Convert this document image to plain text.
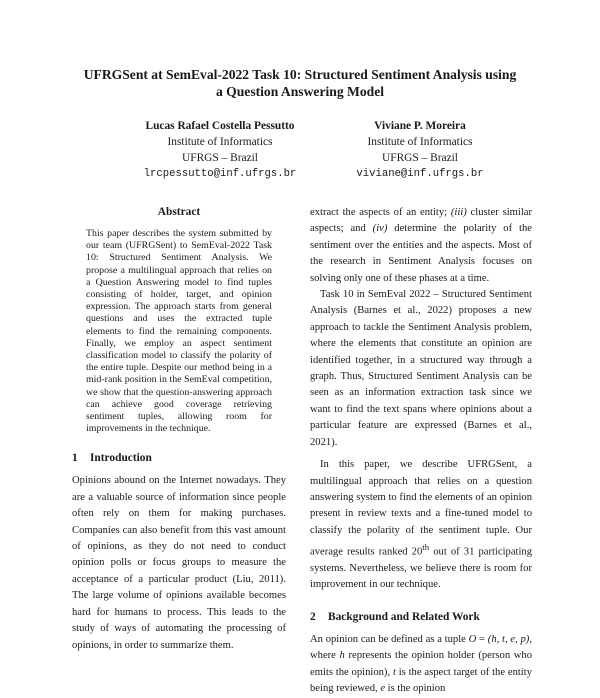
UFRGSent at SemEval-2022 Task 10: Structured Sentiment Analysis using
a Question Answering Model
Lucas Rafael Costella Pessutto
Institute of Informatics
UFRGS – Brazil
lrcpessutto@inf.ufrgs.br
Viviane P. Moreira
Institute of Informatics
UFRGS – Brazil
viviane@inf.ufrgs.br
Abstract
This paper describes the system submitted by our team (UFRGSent) to SemEval-2022 Task 10: Structured Sentiment Analysis. We propose a multilingual approach that relies on a Question Answering model to find tuples consisting of holder, target, and opinion expression. The approach starts from general questions and uses the extracted tuple elements to find the remaining components. Finally, we employ an aspect sentiment classification model to classify the polarity of the entire tuple. Despite our method being in a mid-rank position in the SemEval competition, we show that the question-answering approach can achieve good coverage retrieving sentiment tuples, allowing room for improvements in the technique.
1 Introduction

Opinions abound on the Internet nowadays. They are a valuable source of information since people often rely on them for making purchases. Companies can also benefit from this vast amount of opinions, as they do not need to conduct opinion polls or focus groups to measure the acceptance of a particular product (Liu, 2011). The large volume of opinions available becomes hard for humans to process. This leads to the study of ways of automating the processing of opinions, in order to summarize them.

extract the aspects of an entity; (iii) cluster similar aspects; and (iv) determine the polarity of the sentiment over the entities and the aspects. Most of the research in Sentiment Analysis focuses on solving only one of these phases at a time.

Task 10 in SemEval 2022 – Structured Sentiment Analysis (Barnes et al., 2022) proposes a new approach to tackle the Sentiment Analysis problem, where the elements that constitute an opinion are identified together, in a structured way through a graph. Thus, Structured Sentiment Analysis can be seen as an information extraction task since we want to find the text spans where opinions about a particular feature are expressed (Barnes et al., 2021).

In this paper, we describe UFRGSent, a multilingual approach that relies on a question answering system to find the elements of an opinion present in review texts and a fine-tuned model to classify the polarity of the sentiment tuple. Our average results ranked 20th out of 31 participating systems. Nevertheless, we believe there is room for improvement in our technique.

2 Background and Related Work

An opinion can be defined as a tuple O = (h, t, e, p), where h represents the opinion holder (person who emits the opinion), t is the aspect target of the entity being reviewed, e is the opinion
